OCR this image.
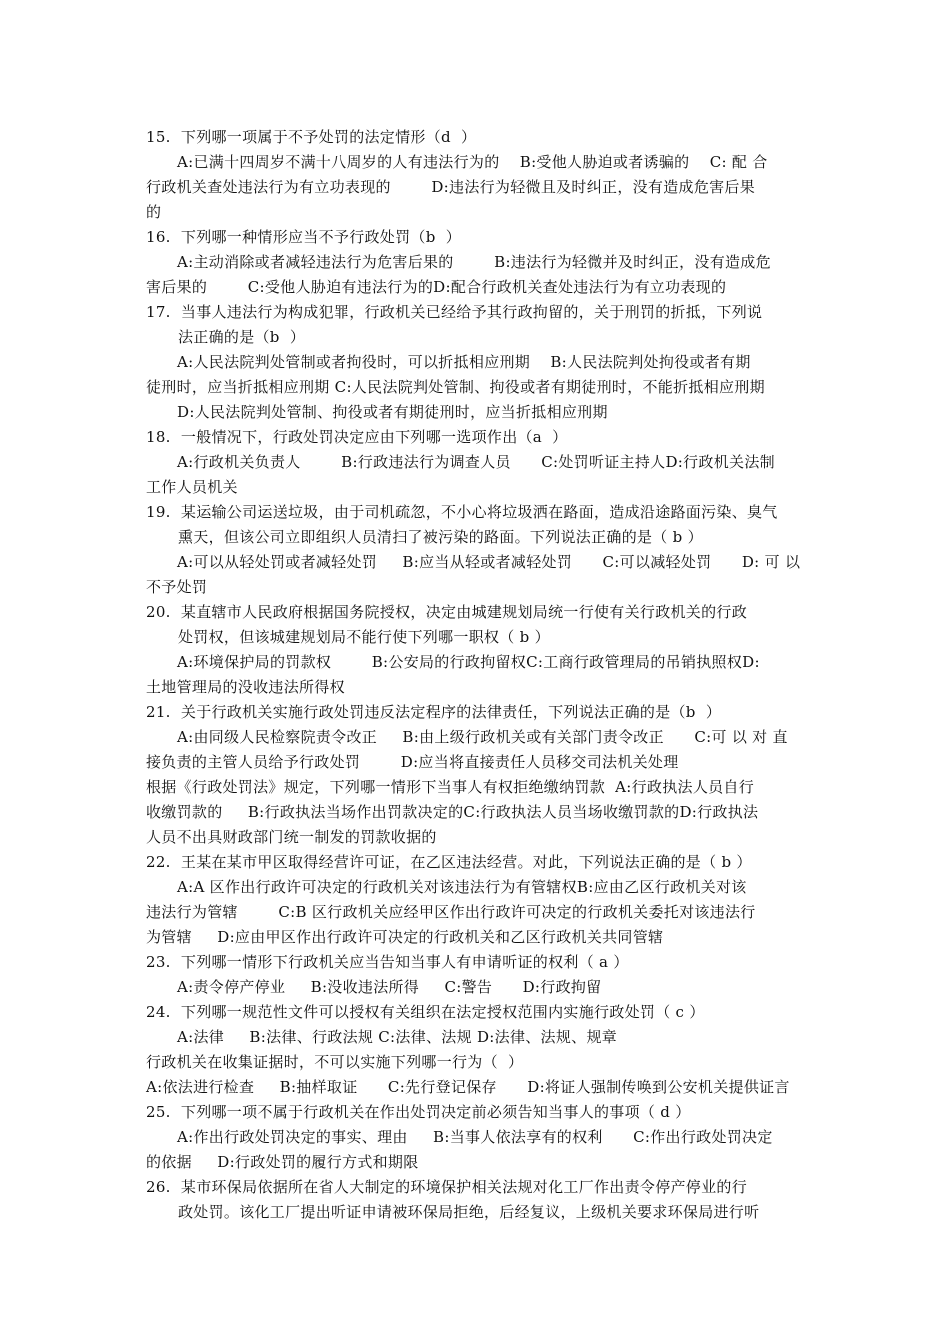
15.  下列哪一项属于不予处罚的法定情形（d  ）
A:已满十四周岁不满十八周岁的人有违法行为的    B:受他人胁迫或者诱骗的    C: 配 合
行政机关查处违法行为有立功表现的        D:违法行为轻微且及时纠正，没有造成危害后果
的
16.  下列哪一种情形应当不予行政处罚（b  ）
A:主动消除或者减轻违法行为危害后果的        B:违法行为轻微并及时纠正，没有造成危
害后果的        C:受他人胁迫有违法行为的D:配合行政机关查处违法行为有立功表现的
17.  当事人违法行为构成犯罪，行政机关已经给予其行政拘留的，关于刑罚的折抵，下列说
法正确的是（b  ）
A:人民法院判处管制或者拘役时，可以折抵相应刑期    B:人民法院判处拘役或者有期
徒刑时，应当折抵相应刑期 C:人民法院判处管制、拘役或者有期徒刑时，不能折抵相应刑期
D:人民法院判处管制、拘役或者有期徒刑时，应当折抵相应刑期
18.  一般情况下，行政处罚决定应由下列哪一选项作出（a  ）
A:行政机关负责人        B:行政违法行为调查人员      C:处罚听证主持人D:行政机关法制
工作人员机关
19.  某运输公司运送垃圾，由于司机疏忽，不小心将垃圾洒在路面，造成沿途路面污染、臭气
熏天，但该公司立即组织人员清扫了被污染的路面。下列说法正确的是（ b ）
A:可以从轻处罚或者减轻处罚     B:应当从轻或者减轻处罚      C:可以减轻处罚      D: 可 以
不予处罚
20.  某直辖市人民政府根据国务院授权，决定由城建规划局统一行使有关行政机关的行政
处罚权，但该城建规划局不能行使下列哪一职权（ b ）
A:环境保护局的罚款权        B:公安局的行政拘留权C:工商行政管理局的吊销执照权D:
土地管理局的没收违法所得权
21.  关于行政机关实施行政处罚违反法定程序的法律责任，下列说法正确的是（b  ）
A:由同级人民检察院责令改正     B:由上级行政机关或有关部门责令改正      C:可 以 对 直
接负责的主管人员给予行政处罚        D:应当将直接责任人员移交司法机关处理
根据《行政处罚法》规定，下列哪一情形下当事人有权拒绝缴纳罚款  A:行政执法人员自行
收缴罚款的     B:行政执法当场作出罚款决定的C:行政执法人员当场收缴罚款的D:行政执法
人员不出具财政部门统一制发的罚款收据的
22.  王某在某市甲区取得经营许可证，在乙区违法经营。对此，下列说法正确的是（ b ）
A:A 区作出行政许可决定的行政机关对该违法行为有管辖权B:应由乙区行政机关对该
违法行为管辖        C:B 区行政机关应经甲区作出行政许可决定的行政机关委托对该违法行
为管辖     D:应由甲区作出行政许可决定的行政机关和乙区行政机关共同管辖
23.  下列哪一情形下行政机关应当告知当事人有申请听证的权利（ a ）
A:责令停产停业     B:没收违法所得     C:警告      D:行政拘留
24.  下列哪一规范性文件可以授权有关组织在法定授权范围内实施行政处罚（ c ）
A:法律     B:法律、行政法规 C:法律、法规 D:法律、法规、规章
行政机关在收集证据时，不可以实施下列哪一行为（  ）
A:依法进行检查     B:抽样取证      C:先行登记保存      D:将证人强制传唤到公安机关提供证言
25.  下列哪一项不属于行政机关在作出处罚决定前必须告知当事人的事项（ d ）
A:作出行政处罚决定的事实、理由     B:当事人依法享有的权利      C:作出行政处罚决定
的依据     D:行政处罚的履行方式和期限
26.  某市环保局依据所在省人大制定的环境保护相关法规对化工厂作出责令停产停业的行
政处罚。该化工厂提出听证申请被环保局拒绝，后经复议，上级机关要求环保局进行听
